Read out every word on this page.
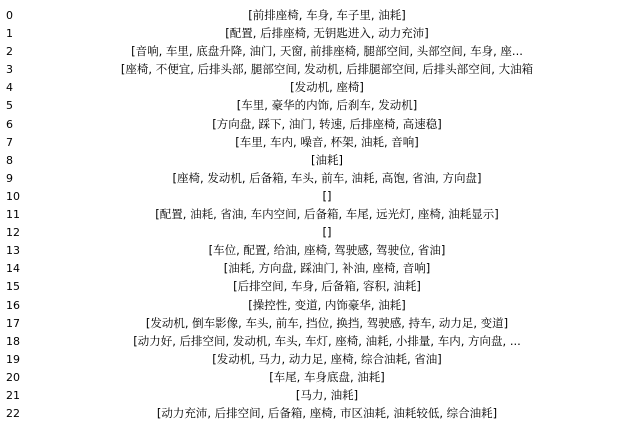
0	[前排座椅, 车身, 车子里, 油耗]
1	[配置, 后排座椅, 无钥匙进入, 动力充沛]
2	[音响, 车里, 底盘升降, 油门, 天窗, 前排座椅, 腿部空间, 头部空间, 车身, 座...
3	[座椅, 不便宜, 后排头部, 腿部空间, 发动机, 后排腿部空间, 后排头部空间, 大油箱
4	[发动机, 座椅]
5	[车里, 豪华的内饰, 后刹车, 发动机]
6	[方向盘, 踩下, 油门, 转速, 后排座椅, 高速稳]
7	[车里, 车内, 噪音, 杯架, 油耗, 音响]
8	[油耗]
9	[座椅, 发动机, 后备箱, 车头, 前车, 油耗, 高饱, 省油, 方向盘]
10	[]
11	[配置, 油耗, 省油, 车内空间, 后备箱, 车尾, 远光灯, 座椅, 油耗显示]
12	[]
13	[车位, 配置, 给油, 座椅, 驾驶感, 驾驶位, 省油]
14	[油耗, 方向盘, 踩油门, 补油, 座椅, 音响]
15	[后排空间, 车身, 后备箱, 容积, 油耗]
16	[操控性, 变道, 内饰豪华, 油耗]
17	[发动机, 倒车影像, 车头, 前车, 挡位, 换挡, 驾驶感, 持车, 动力足, 变道]
18	[动力好, 后排空间, 发动机, 车头, 车灯, 座椅, 油耗, 小排量, 车内, 方向盘, ...
19	[发动机, 马力, 动力足, 座椅, 综合油耗, 省油]
20	[车尾, 车身底盘, 油耗]
21	[马力, 油耗]
22	[动力充沛, 后排空间, 后备箱, 座椅, 市区油耗, 油耗较低, 综合油耗]
